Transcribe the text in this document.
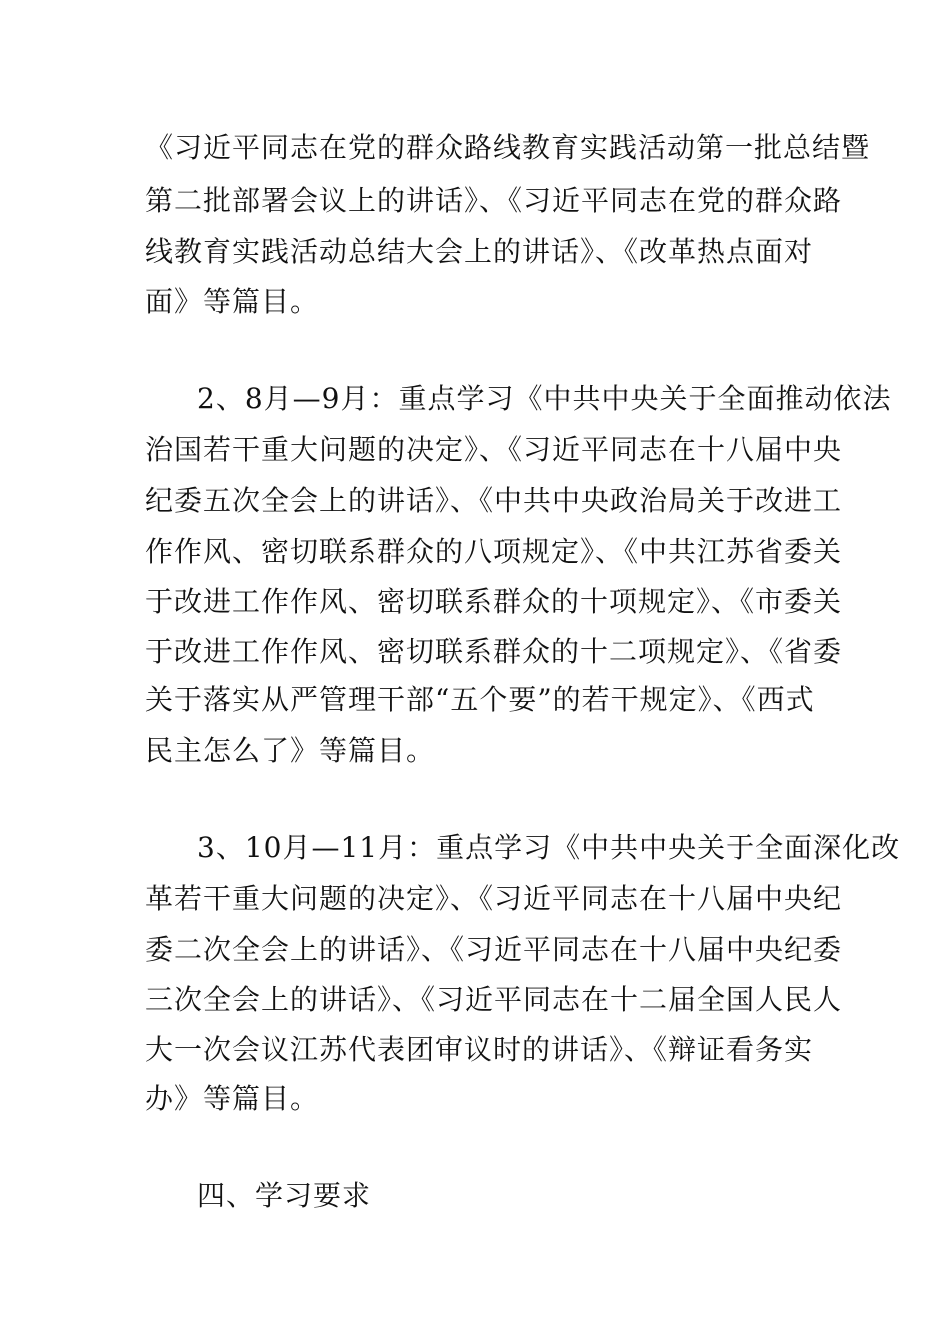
《习近平同志在党的群众路线教育实践活动第一批总结暨
第二批部署会议上的讲话》、《习近平同志在党的群众路
线教育实践活动总结大会上的讲话》、《改革热点面对
面》等篇目。
2、8月—9月：重点学习《中共中央关于全面推动依法
治国若干重大问题的决定》、《习近平同志在十八届中央
纪委五次全会上的讲话》、《中共中央政治局关于改进工
作作风、密切联系群众的八项规定》、《中共江苏省委关
于改进工作作风、密切联系群众的十项规定》、《市委关
于改进工作作风、密切联系群众的十二项规定》、《省委
关于落实从严管理干部“五个要”的若干规定》、《西式
民主怎么了》等篇目。
3、10月—11月：重点学习《中共中央关于全面深化改
革若干重大问题的决定》、《习近平同志在十八届中央纪
委二次全会上的讲话》、《习近平同志在十八届中央纪委
三次全会上的讲话》、《习近平同志在十二届全国人民人
大一次会议江苏代表团审议时的讲话》、《辩证看务实
办》等篇目。
四、学习要求
